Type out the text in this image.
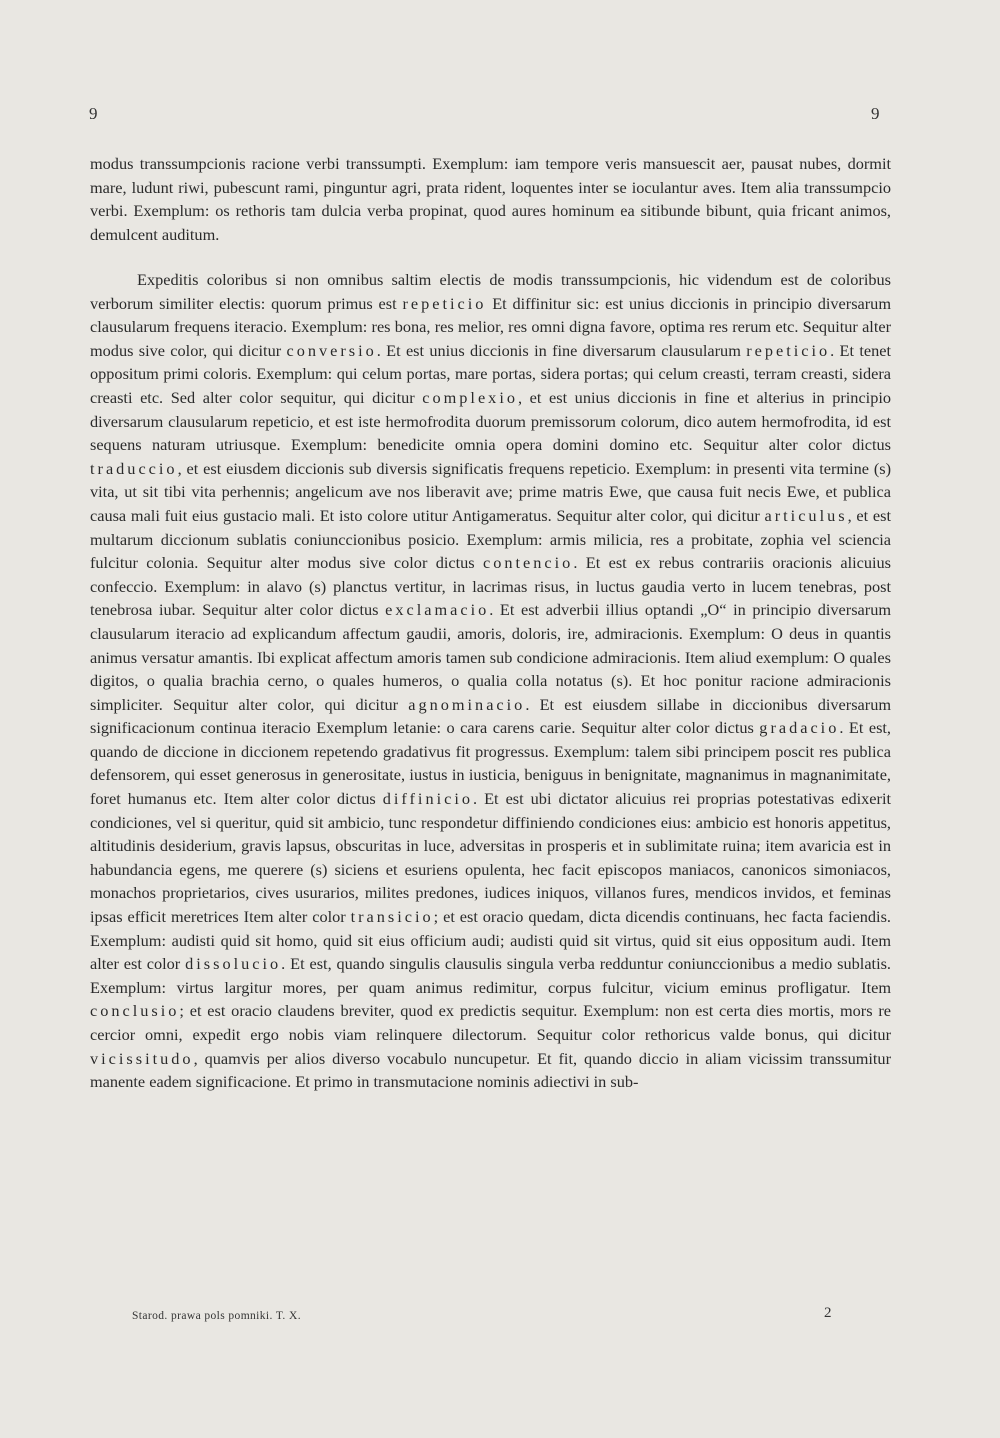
9	9

modus transsumpcionis racione verbi transsumpti. Exemplum: iam tempore veris mansuescit aer, pausat nubes, dormit mare, ludunt riwi, pubescunt rami, pinguntur agri, prata rident, loquentes inter se ioculantur aves. Item alia transsumpcio verbi. Exemplum: os rethoris tam dulcia verba propinat, quod aures hominum ea sitibunde bibunt, quia fricant animos, demulcent auditum.

Expeditis coloribus si non omnibus saltim electis de modis transsumpcionis, hic videndum est de coloribus verborum similiter electis: quorum primus est repeticio Et diffinitur sic: est unius diccionis in principio diversarum clausularum frequens iteracio. Exemplum: res bona, res melior, res omni digna favore, optima res rerum etc. Sequitur alter modus sive color, qui dicitur conversio. Et est unius diccionis in fine diversarum clausularum repeticio. Et tenet oppositum primi coloris. Exemplum: qui celum portas, mare portas, sidera portas; qui celum creasti, terram creasti, sidera creasti etc. Sed alter color sequitur, qui dicitur complexio, et est unius diccionis in fine et alterius in principio diversarum clausularum repeticio, et est iste hermofrodita duorum premissorum colorum, dico autem hermofrodita, id est sequens naturam utriusque. Exemplum: benedicite omnia opera domini domino etc. Sequitur alter color dictus traduccio, et est eiusdem diccionis sub diversis significatis frequens repeticio. Exemplum: in presenti vita termine (s) vita, ut sit tibi vita perhennis; angelicum ave nos liberavit ave; prime matris Ewe, que causa fuit necis Ewe, et publica causa mali fuit eius gustacio mali. Et isto colore utitur Antigameratus. Sequitur alter color, qui dicitur articulus, et est multarum diccionum sublatis coniunccionibus posicio. Exemplum: armis milicia, res a probitate, zophia vel sciencia fulcitur colonia. Sequitur alter modus sive color dictus contencio. Et est ex rebus contrariis oracionis alicuius confeccio. Exemplum: in alavo (s) planctus vertitur, in lacrimas risus, in luctus gaudia verto in lucem tenebras, post tenebrosa iubar. Sequitur alter color dictus exclamacio. Et est adverbii illius optandi „O“ in principio diversarum clausularum iteracio ad explicandum affectum gaudii, amoris, doloris, ire, admiracionis. Exemplum: O deus in quantis animus versatur amantis. Ibi explicat affectum amoris tamen sub condicione admiracionis. Item aliud exemplum: O quales digitos, o qualia brachia cerno, o quales humeros, o qualia colla notatus (s). Et hoc ponitur racione admiracionis simpliciter. Sequitur alter color, qui dicitur agnominacio. Et est eiusdem sillabe in diccionibus diversarum significacionum continua iteracio Exemplum letanie: o cara carens carie. Sequitur alter color dictus gradacio. Et est, quando de diccione in diccionem repetendo gradativus fit progressus. Exemplum: talem sibi principem poscit res publica defensorem, qui esset generosus in generositate, iustus in iusticia, beniguus in benignitate, magnanimus in magnanimitate, foret humanus etc. Item alter color dictus diffinicio. Et est ubi dictator alicuius rei proprias potestativas edixerit condiciones, vel si queritur, quid sit ambicio, tunc respondetur diffiniendo condiciones eius: ambicio est honoris appetitus, altitudinis desiderium, gravis lapsus, obscuritas in luce, adversitas in prosperis et in sublimitate ruina; item avaricia est in habundancia egens, me querere (s) siciens et esuriens opulenta, hec facit episcopos maniacos, canonicos simoniacos, monachos proprietarios, cives usurarios, milites predones, iudices iniquos, villanos fures, mendicos invidos, et feminas ipsas efficit meretrices Item alter color transicio; et est oracio quedam, dicta dicendis continuans, hec facta faciendis. Exemplum: audisti quid sit homo, quid sit eius officium audi; audisti quid sit virtus, quid sit eius oppositum audi. Item alter est color dissolucio. Et est, quando singulis clausulis singula verba redduntur coniunccionibus a medio sublatis. Exemplum: virtus largitur mores, per quam animus redimitur, corpus fulcitur, vicium eminus profligatur. Item conclusio; et est oracio claudens breviter, quod ex predictis sequitur. Exemplum: non est certa dies mortis, mors re cercior omni, expedit ergo nobis viam relinquere dilectorum. Sequitur color rethoricus valde bonus, qui dicitur vicissitudo, quamvis per alios diverso vocabulo nuncupetur. Et fit, quando diccio in aliam vicissim transsumitur manente eadem significacione. Et primo in transmutacione nominis adiectivi in sub-

Starod. prawa pols pomniki. T. X.	2
